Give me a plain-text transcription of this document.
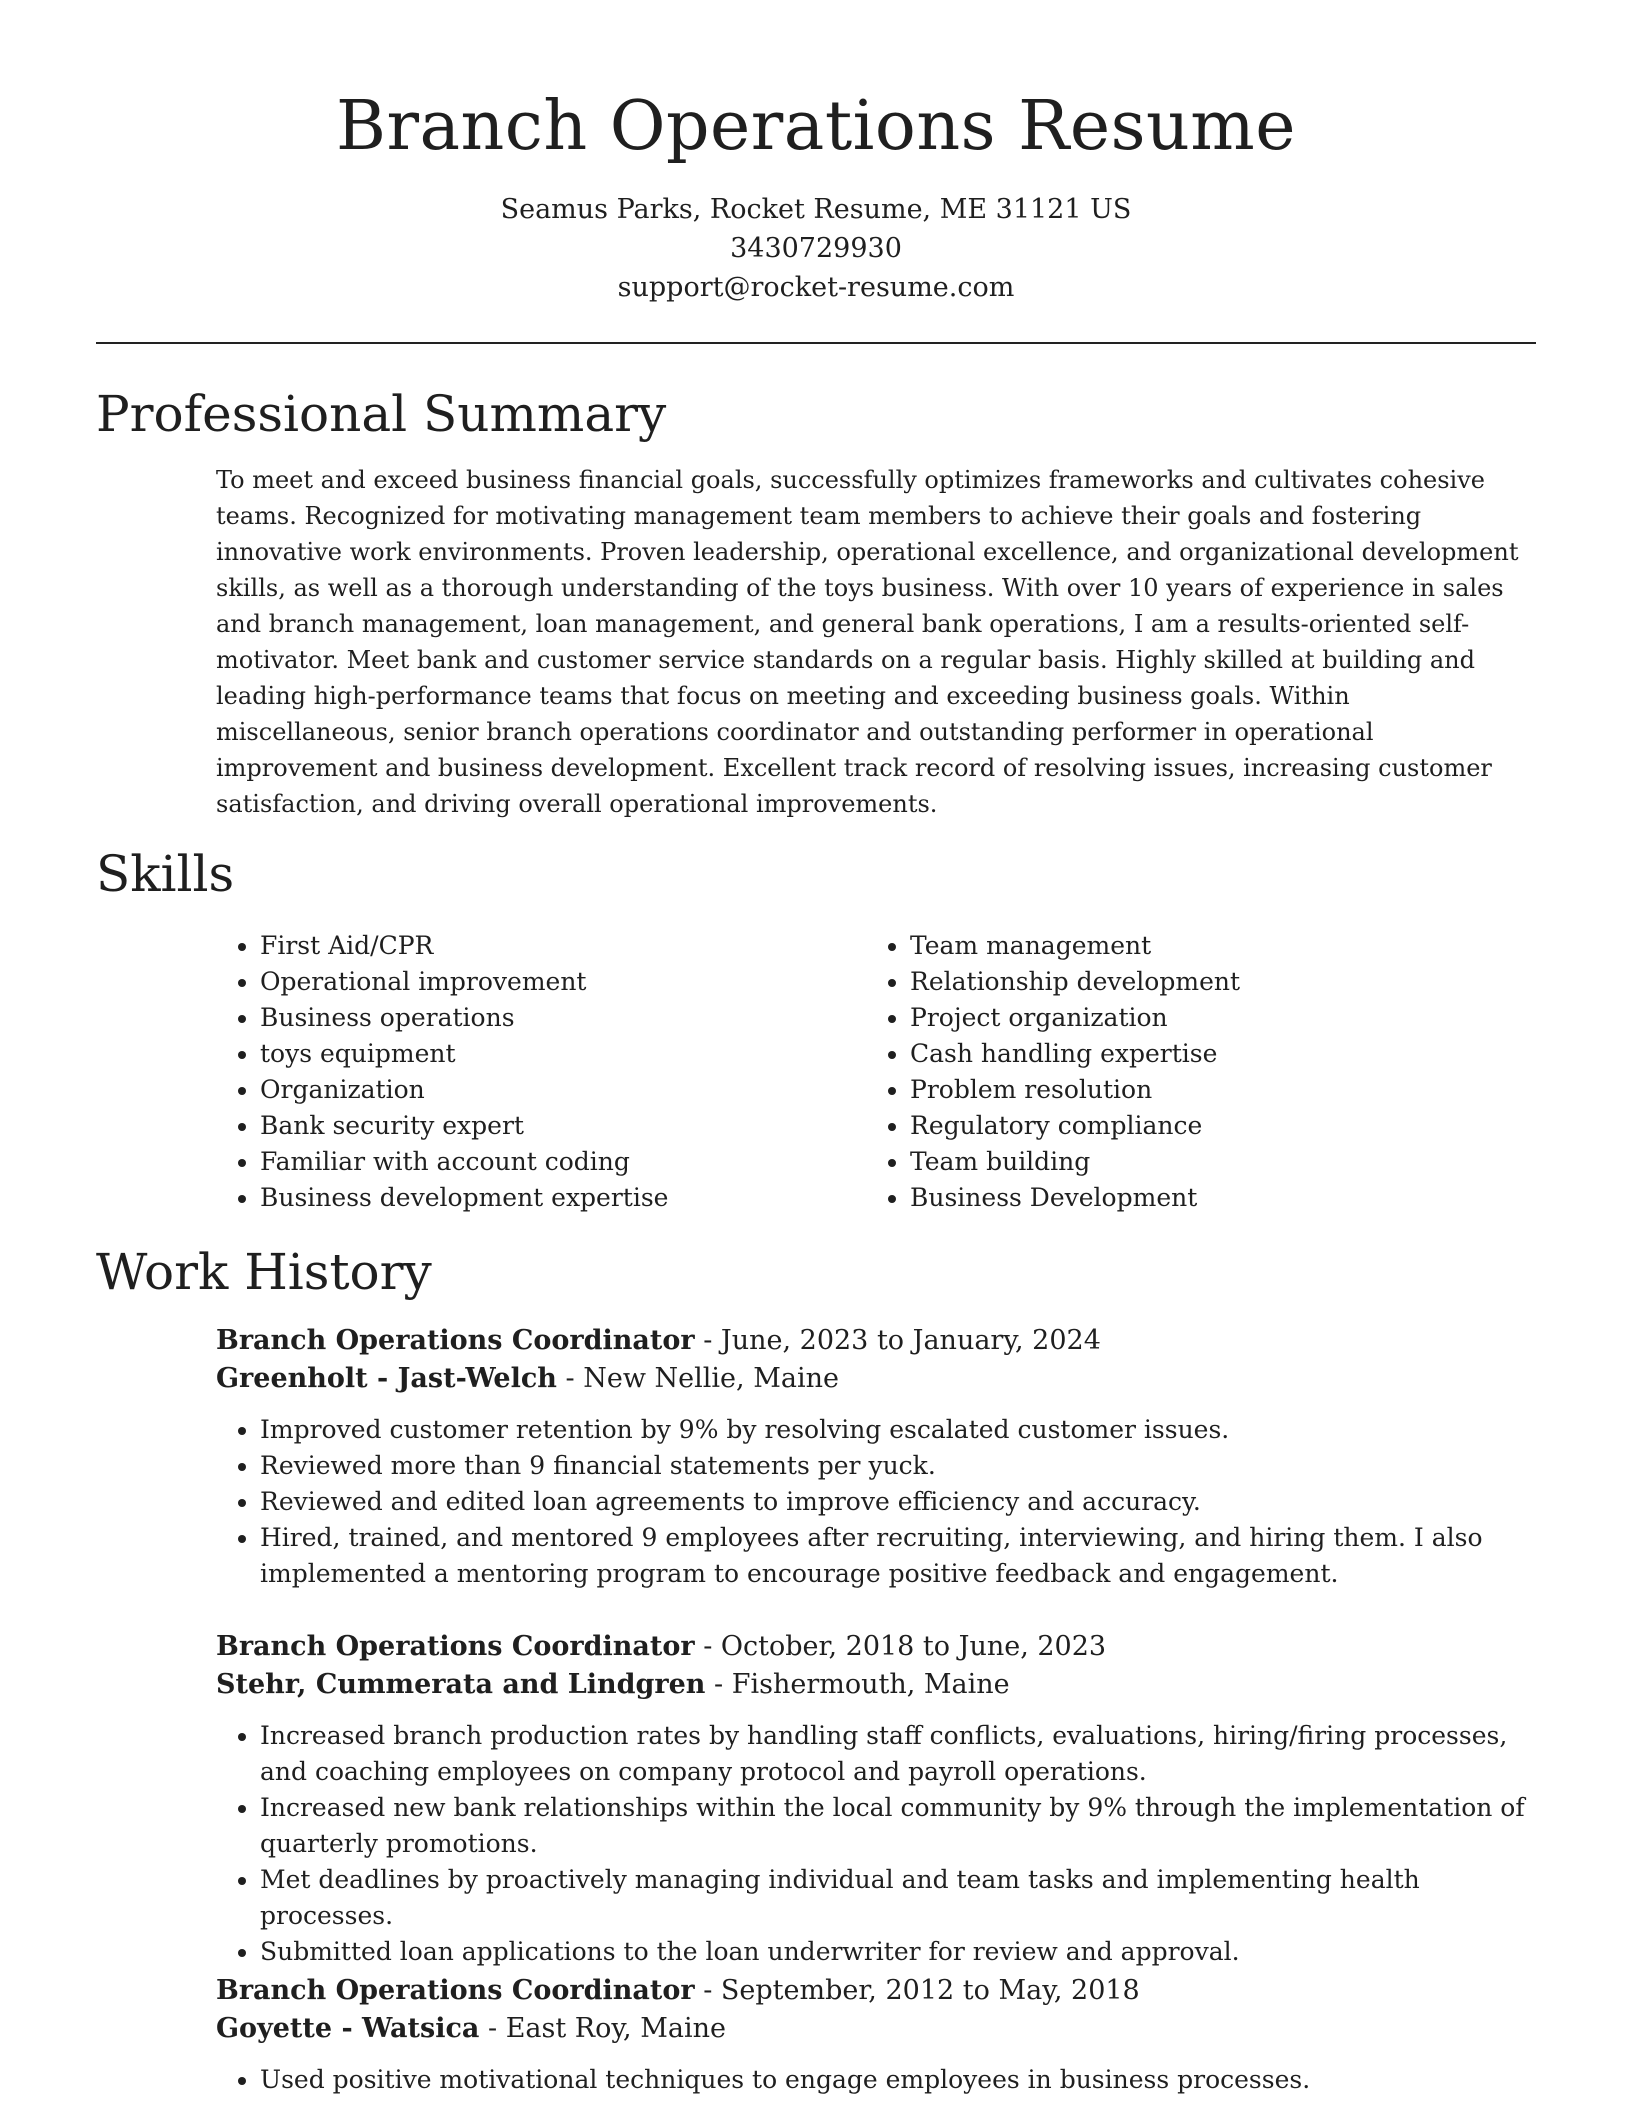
Branch Operations Resume
Seamus Parks, Rocket Resume, ME 31121 US
3430729930
support@rocket-resume.com
Professional Summary

To meet and exceed business financial goals, successfully optimizes frameworks and cultivates cohesive teams. Recognized for motivating management team members to achieve their goals and fostering innovative work environments. Proven leadership, operational excellence, and organizational development skills, as well as a thorough understanding of the toys business. With over 10 years of experience in sales and branch management, loan management, and general bank operations, I am a results-oriented self-motivator. Meet bank and customer service standards on a regular basis. Highly skilled at building and leading high-performance teams that focus on meeting and exceeding business goals. Within miscellaneous, senior branch operations coordinator and outstanding performer in operational improvement and business development. Excellent track record of resolving issues, increasing customer satisfaction, and driving overall operational improvements.

Skills
• First Aid/CPR
• Operational improvement
• Business operations
• toys equipment
• Organization
• Bank security expert
• Familiar with account coding
• Business development expertise
• Team management
• Relationship development
• Project organization
• Cash handling expertise
• Problem resolution
• Regulatory compliance
• Team building
• Business Development
Work History
Branch Operations Coordinator - June, 2023 to January, 2024
Greenholt - Jast-Welch - New Nellie, Maine
• Improved customer retention by 9% by resolving escalated customer issues.
• Reviewed more than 9 financial statements per yuck.
• Reviewed and edited loan agreements to improve efficiency and accuracy.
• Hired, trained, and mentored 9 employees after recruiting, interviewing, and hiring them. I also implemented a mentoring program to encourage positive feedback and engagement.
Branch Operations Coordinator - October, 2018 to June, 2023
Stehr, Cummerata and Lindgren - Fishermouth, Maine
• Increased branch production rates by handling staff conflicts, evaluations, hiring/firing processes, and coaching employees on company protocol and payroll operations.
• Increased new bank relationships within the local community by 9% through the implementation of quarterly promotions.
• Met deadlines by proactively managing individual and team tasks and implementing health processes.
• Submitted loan applications to the loan underwriter for review and approval.
Branch Operations Coordinator - September, 2012 to May, 2018
Goyette - Watsica - East Roy, Maine
• Used positive motivational techniques to engage employees in business processes.
